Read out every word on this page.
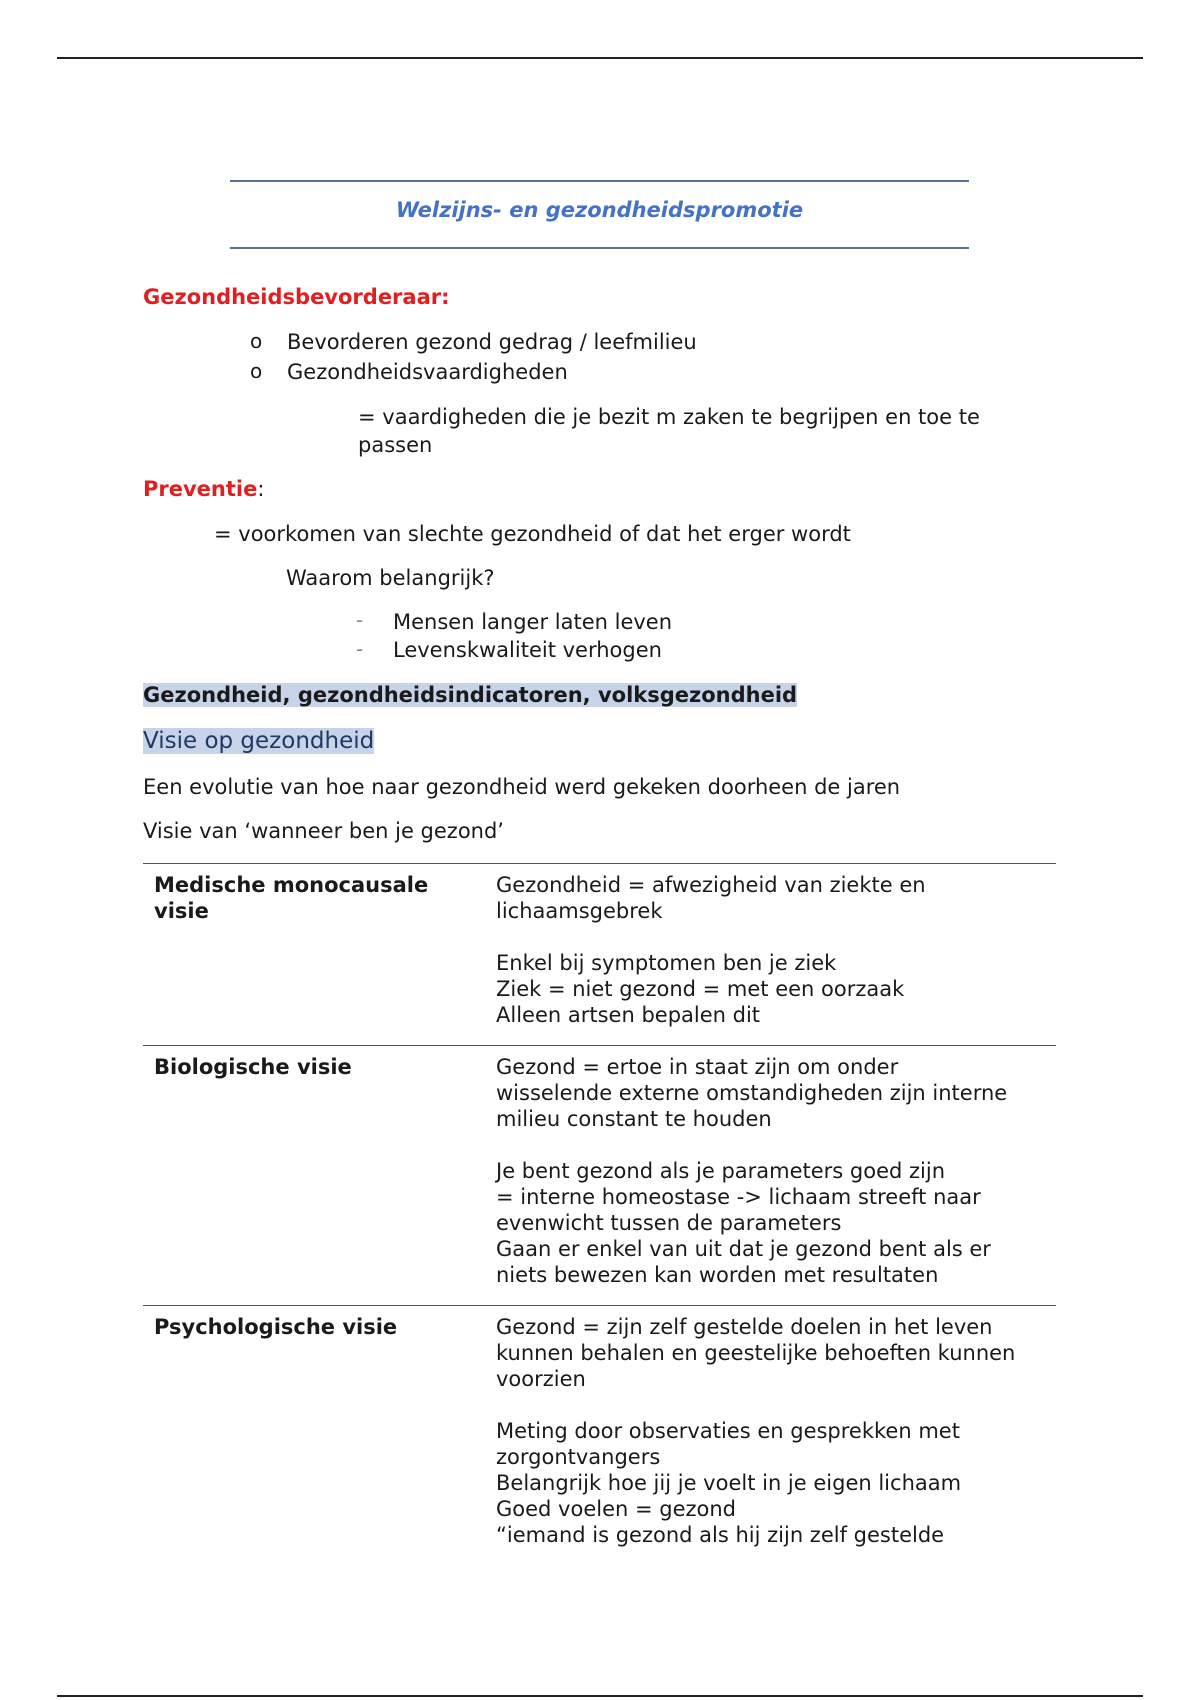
Welzijns- en gezondheidspromotie
Gezondheidsbevorderaar:
o Bevorderen gezond gedrag / leefmilieu
o Gezondheidsvaardigheden
= vaardigheden die je bezit m zaken te begrijpen en toe te
passen
Preventie:
= voorkomen van slechte gezondheid of dat het erger wordt
Waarom belangrijk?
- Mensen langer laten leven
- Levenskwaliteit verhogen
Gezondheid, gezondheidsindicatoren, volksgezondheid
Visie op gezondheid
Een evolutie van hoe naar gezondheid werd gekeken doorheen de jaren
Visie van ‘wanneer ben je gezond’
Medische monocausale
visie

Gezondheid = afwezigheid van ziekte en

lichaamsgebrek

Enkel bij symptomen ben je ziek

Ziek = niet gezond = met een oorzaak

Alleen artsen bepalen dit

Biologische visie	Gezond = ertoe in staat zijn om onder

wisselende externe omstandigheden zijn interne

milieu constant te houden

Je bent gezond als je parameters goed zijn

= interne homeostase -> lichaam streeft naar

evenwicht tussen de parameters

Gaan er enkel van uit dat je gezond bent als er

niets bewezen kan worden met resultaten

Psychologische visie	Gezond = zijn zelf gestelde doelen in het leven

kunnen behalen en geestelijke behoeften kunnen

voorzien

Meting door observaties en gesprekken met

zorgontvangers

Belangrijk hoe jij je voelt in je eigen lichaam

Goed voelen = gezond

“iemand is gezond als hij zijn zelf gestelde
